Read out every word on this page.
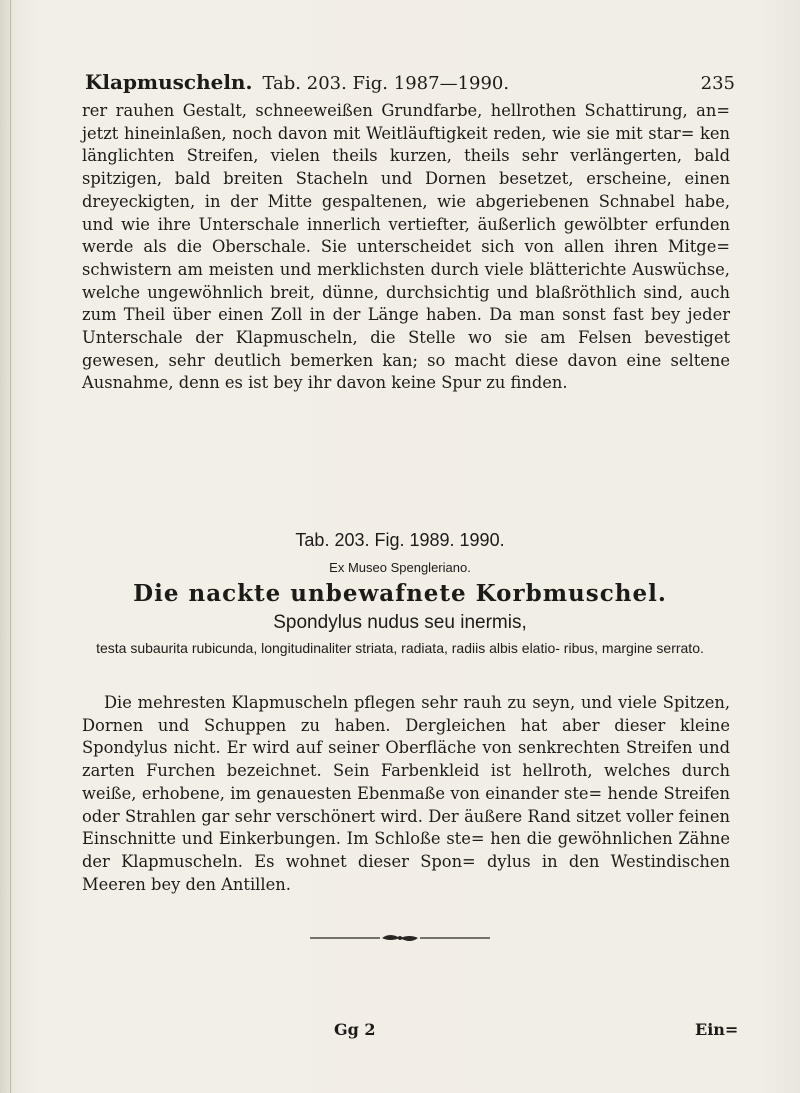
Klapmuscheln. Tab. 203. Fig. 1987—1990.	235

rer rauhen Gestalt, schneeweißen Grundfarbe, hellrothen Schattirung, an= jetzt hineinlaßen, noch davon mit Weitläuftigkeit reden, wie sie mit star= ken länglichten Streifen, vielen theils kurzen, theils sehr verlängerten, bald spitzigen, bald breiten Stacheln und Dornen besetzet, erscheine, einen dreyeckigten, in der Mitte gespaltenen, wie abgeriebenen Schnabel habe, und wie ihre Unterschale innerlich vertiefter, äußerlich gewölbter erfunden werde als die Oberschale. Sie unterscheidet sich von allen ihren Mitge= schwistern am meisten und merklichsten durch viele blätterichte Auswüchse, welche ungewöhnlich breit, dünne, durchsichtig und blaßröthlich sind, auch zum Theil über einen Zoll in der Länge haben. Da man sonst fast bey jeder Unterschale der Klapmuscheln, die Stelle wo sie am Felsen bevestiget gewesen, sehr deutlich bemerken kan; so macht diese davon eine seltene Ausnahme, denn es ist bey ihr davon keine Spur zu finden.

Tab. 203. Fig. 1989. 1990.
Ex Museo Spengleriano.
Die nackte unbewafnete Korbmuschel.
Spondylus nudus seu inermis,
testa subaurita rubicunda, longitudinaliter striata, radiata, radiis albis elatio- ribus, margine serrato.

Die mehresten Klapmuscheln pflegen sehr rauh zu seyn, und viele Spitzen, Dornen und Schuppen zu haben. Dergleichen hat aber dieser kleine Spondylus nicht. Er wird auf seiner Oberfläche von senkrechten Streifen und zarten Furchen bezeichnet. Sein Farbenkleid ist hellroth, welches durch weiße, erhobene, im genauesten Ebenmaße von einander ste= hende Streifen oder Strahlen gar sehr verschönert wird. Der äußere Rand sitzet voller feinen Einschnitte und Einkerbungen. Im Schloße ste= hen die gewöhnlichen Zähne der Klapmuscheln. Es wohnet dieser Spon= dylus in den Westindischen Meeren bey den Antillen.

Gg 2	Ein=
